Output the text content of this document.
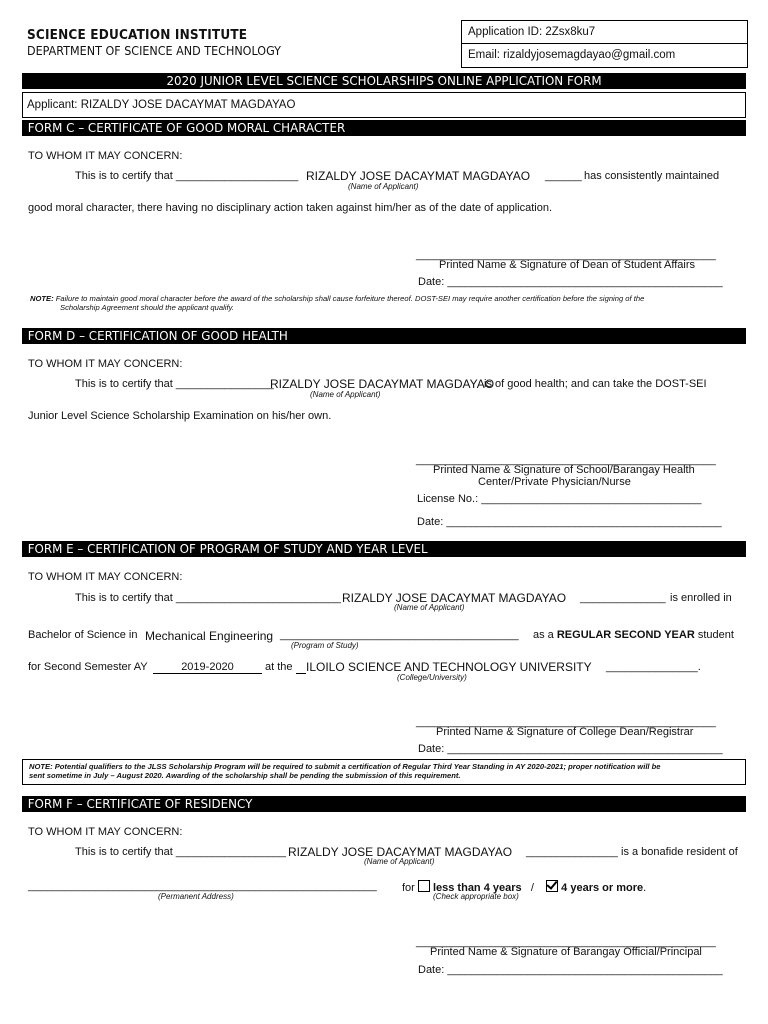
SCIENCE EDUCATION INSTITUTE
DEPARTMENT OF SCIENCE AND TECHNOLOGY
Application ID: 2Zsx8ku7
Email: rizaldyjosemagdayao@gmail.com
2020 JUNIOR LEVEL SCIENCE SCHOLARSHIPS ONLINE APPLICATION FORM
Applicant: RIZALDY JOSE DACAYMAT MAGDAYAO
FORM C – CERTIFICATE OF GOOD MORAL CHARACTER
TO WHOM IT MAY CONCERN:
This is to certify that ____________________ RIZALDY JOSE DACAYMAT MAGDAYAO ______ has consistently maintained
(Name of Applicant)
good moral character, there having no disciplinary action taken against him/her as of the date of application.
_________________________________________________
Printed Name & Signature of Dean of Student Affairs
Date: _____________________________________________
NOTE: Failure to maintain good moral character before the award of the scholarship shall cause forfeiture thereof. DOST-SEI may require another certification before the signing of the
Scholarship Agreement should the applicant qualify.
FORM D – CERTIFICATION OF GOOD HEALTH
TO WHOM IT MAY CONCERN:
This is to certify that ________________
RIZALDY JOSE DACAYMAT MAGDAYAO
is of good health; and can take the DOST-SEI
(Name of Applicant)
Junior Level Science Scholarship Examination on his/her own.
_________________________________________________
Printed Name & Signature of School/Barangay Health
Center/Private Physician/Nurse
License No.: ____________________________________
Date: _____________________________________________
FORM E – CERTIFICATION OF PROGRAM OF STUDY AND YEAR LEVEL
TO WHOM IT MAY CONCERN:
This is to certify that ___________________________ RIZALDY JOSE DACAYMAT MAGDAYAO ______________ is enrolled in
(Name of Applicant)
Bachelor of Science in Mechanical Engineering _______________________________________ as a REGULAR SECOND YEAR student
(Program of Study)
for Second Semester AY	2019-2020	at the ILOILO SCIENCE AND TECHNOLOGY UNIVERSITY _______________.
(College/University)
_________________________________________________
Printed Name & Signature of College Dean/Registrar
Date: _____________________________________________
NOTE: Potential qualifiers to the JLSS Scholarship Program will be required to submit a certification of Regular Third Year Standing in AY 2020-2021; proper notification will be
sent sometime in July – August 2020. Awarding of the scholarship shall be pending the submission of this requirement.
FORM F – CERTIFICATE OF RESIDENCY
TO WHOM IT MAY CONCERN:
This is to certify that __________________ RIZALDY JOSE DACAYMAT MAGDAYAO _______________ is a bonafide resident of
(Name of Applicant)
_________________________________________________________ for less than 4 years / 4 years or more.
(Permanent Address)	(Check appropriate box)
_________________________________________________
Printed Name & Signature of Barangay Official/Principal
Date: _____________________________________________
